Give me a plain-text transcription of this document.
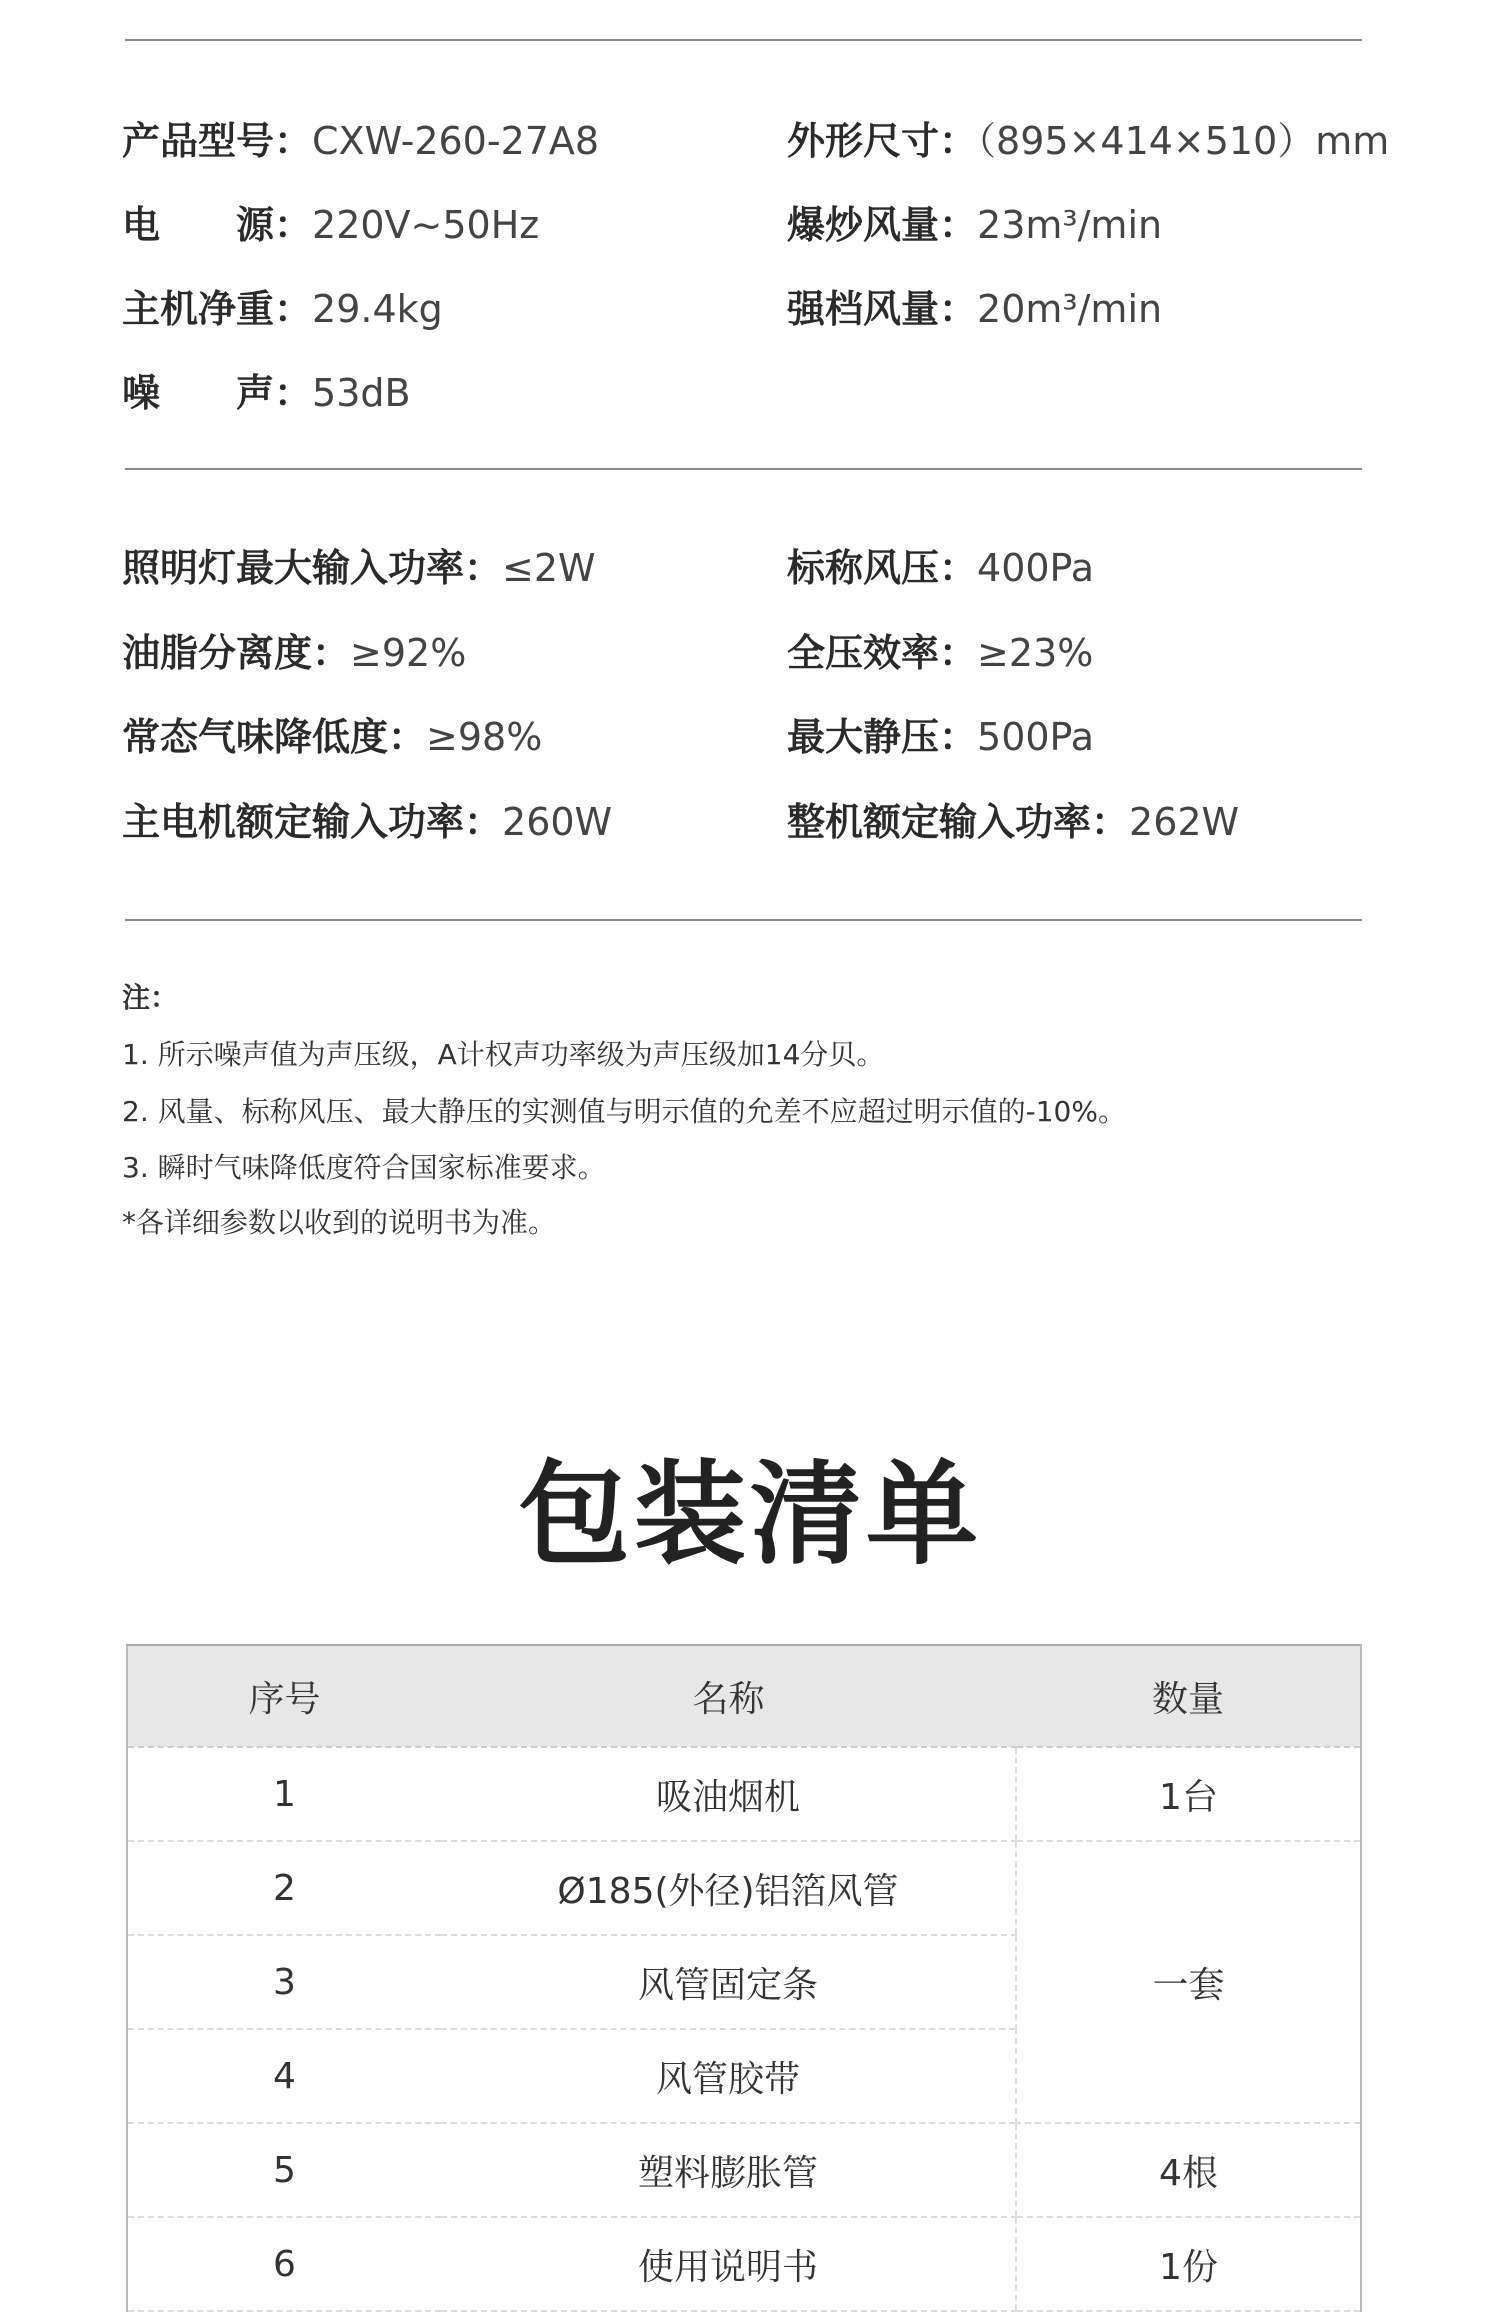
产品型号：CXW-260-27A8	外形尺寸：（895×414×510）mm
电　　源：220V~50Hz	爆炒风量：23m³/min
主机净重：29.4kg	强档风量：20m³/min
噪　　声：53dB
照明灯最大输入功率：≤2W	标称风压：400Pa
油脂分离度：≥92%	全压效率：≥23%
常态气味降低度：≥98%	最大静压：500Pa
主电机额定输入功率：260W	整机额定输入功率：262W
注：
1. 所示噪声值为声压级，A计权声功率级为声压级加14分贝。
2. 风量、标称风压、最大静压的实测值与明示值的允差不应超过明示值的-10%。
3. 瞬时气味降低度符合国家标准要求。
*各详细参数以收到的说明书为准。
包装清单
序号	名称	数量
1	吸油烟机	1台
2	Ø185(外径)铝箔风管	一套
3	风管固定条	
4	风管胶带	
5	塑料膨胀管	4根
6	使用说明书	1份
